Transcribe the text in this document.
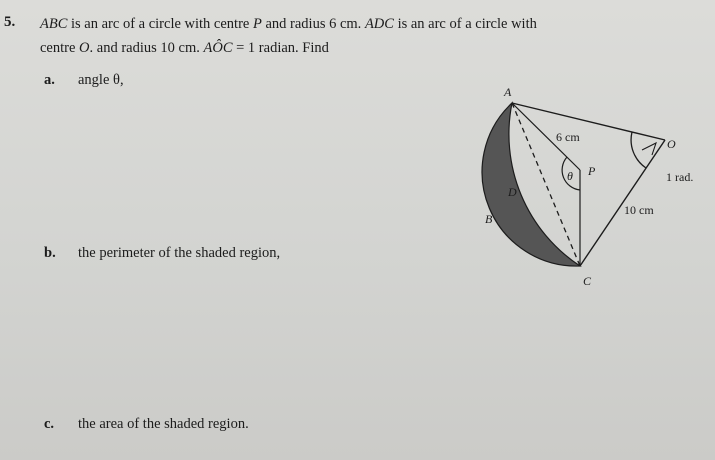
5. ABC is an arc of a circle with centre P and radius 6 cm. ADC is an arc of a circle with
centre O. and radius 10 cm. AÔC = 1 radian. Find
a. angle θ,
b. the perimeter of the shaded region,
c. the area of the shaded region.
A
B
C
D
P
O
θ
6 cm
10 cm
1 rad.
